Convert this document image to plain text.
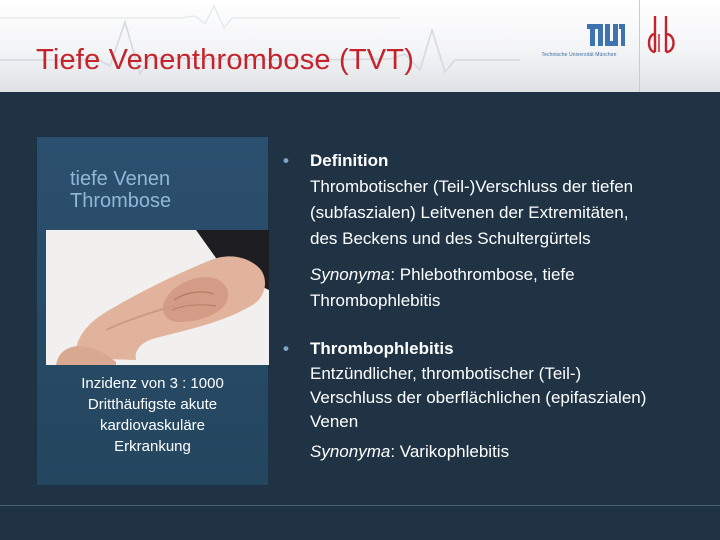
Tiefe Venenthrombose (TVT)	Technische Universität München
tiefe Venen
Thrombose
Inzidenz von 3 : 1000
Dritthäufigste akute
kardiovaskuläre
Erkrankung
• Definition
Thrombotischer (Teil-)Verschluss der tiefen
(subfaszialen) Leitvenen der Extremitäten,
des Beckens und des Schultergürtels
Synonyma: Phlebothrombose, tiefe
Thrombophlebitis
• Thrombophlebitis
Entzündlicher, thrombotischer (Teil-)
Verschluss der oberflächlichen (epifaszialen)
Venen
Synonyma: Varikophlebitis
